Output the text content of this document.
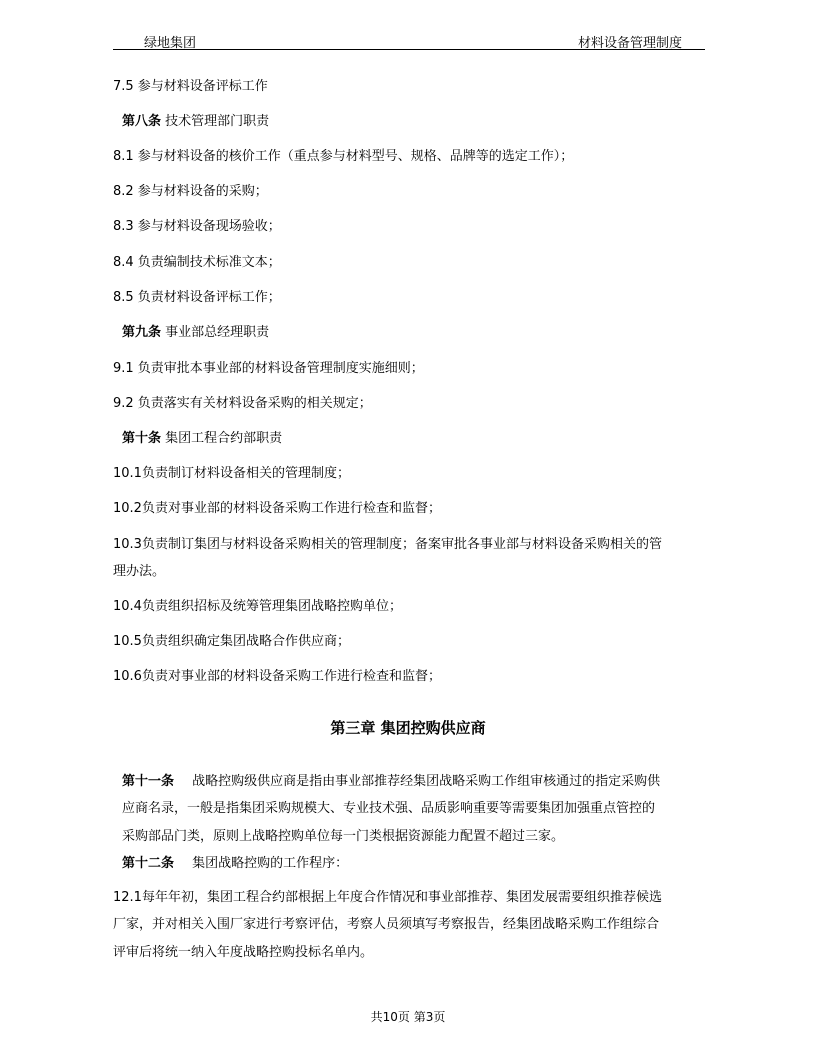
绿地集团	材料设备管理制度
7.5 参与材料设备评标工作
第八条 技术管理部门职责
8.1 参与材料设备的核价工作（重点参与材料型号、规格、品牌等的选定工作）；
8.2 参与材料设备的采购；
8.3 参与材料设备现场验收；
8.4 负责编制技术标准文本；
8.5 负责材料设备评标工作；
第九条 事业部总经理职责
9.1 负责审批本事业部的材料设备管理制度实施细则；
9.2 负责落实有关材料设备采购的相关规定；
第十条 集团工程合约部职责
10.1负责制订材料设备相关的管理制度；
10.2负责对事业部的材料设备采购工作进行检查和监督；
10.3负责制订集团与材料设备采购相关的管理制度；备案审批各事业部与材料设备采购相关的管
理办法。
10.4负责组织招标及统筹管理集团战略控购单位；
10.5负责组织确定集团战略合作供应商；
10.6负责对事业部的材料设备采购工作进行检查和监督；
第三章 集团控购供应商
第十一条 战略控购级供应商是指由事业部推荐经集团战略采购工作组审核通过的指定采购供
应商名录，一般是指集团采购规模大、专业技术强、品质影响重要等需要集团加强重点管控的
采购部品门类，原则上战略控购单位每一门类根据资源能力配置不超过三家。
第十二条 集团战略控购的工作程序：
12.1每年年初，集团工程合约部根据上年度合作情况和事业部推荐、集团发展需要组织推荐候选
厂家，并对相关入围厂家进行考察评估，考察人员须填写考察报告，经集团战略采购工作组综合
评审后将统一纳入年度战略控购投标名单内。
共10页 第3页
